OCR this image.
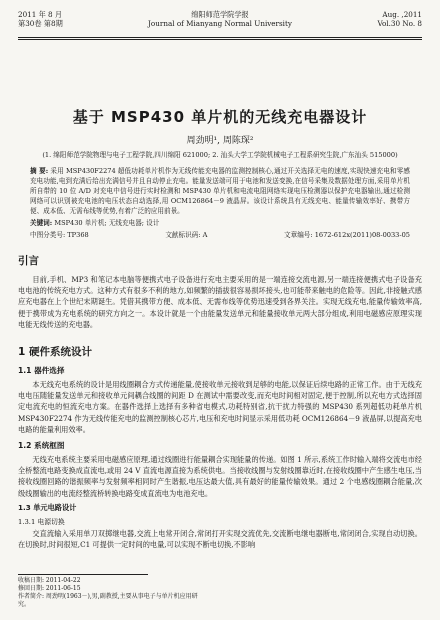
2011 年 8 月
第30卷 第8期
绵阳师范学院学报
Journal of Mianyang Normal University
Aug. ,2011
Vol.30 No. 8
基于 MSP430 单片机的无线充电器设计
周劲明¹, 周陈琛²
(1. 绵阳师范学院物理与电子工程学院,四川绵阳 621000; 2. 汕头大学工学院机械电子工程系研究生院,广东汕头 515000)
摘 要: 采用 MSP430F2274 超低功耗单片机作为无线传能充电器的监测控制核心,通过开关选择无电的速度,实现快速充电和零感充电功能,电到充满后给出充满信号并且自动停止充电。能量发送端可用于电池和发送变换,在信号采集及数据处理方面,采用单片机所自带的 10 位 A/D 对充电中信号进行实时检测和 MSP430 单片机和电流电阻网络实现电压检测器以保护充电器输出,通过检测网络可以识别被充电池的电压状态自动选择,用 OCM126864－9 液晶屏。该设计系统具有无线充电、能量传输效率好、携带方便、成本低、无需布线等优势,有着广泛的应用前景。
关键词: MSP430 单片机; 无线充电器; 设计
中图分类号: TP368	文献标识码: A	文章编号: 1672-612x(2011)08-0033-05
引言

目前,手机、MP3 和笔记本电脑等便携式电子设备进行充电主要采用的是一端连接交流电源,另一端连接便携式电子设备充电电池的传统充电方式。这种方式有很多不利的地方,如频繁的插拔很容易损坏接头,也可能带来触电的危险等。因此,非接触式感应充电器在上个世纪末期诞生。凭借其携带方便、成本低、无需布线等优势迅速受到各界关注。实现无线充电,能量传输效率高,便于携带成为充电系统的研究方向之一。本设计就是一个由能量发送单元和能量接收单元两大部分组成,利用电磁感应原理实现电能无线传送的充电器。

1 硬件系统设计
1.1 器件选择

本无线充电系统的设计是用线圈耦合方式传递能量,使接收单元接收到足够的电能,以保证后续电路的正常工作。由于无线充电电压随能量发送单元和接收单元间耦合线圈的间距 D 在测试中需要改变,而充电时间相对固定,便于控制,所以充电方式选择固定电流充电的恒流充电方案。在器件选择上选择有多种省电模式,功耗特别省,抗干扰力特强的 MSP430 系列超低功耗单片机 MSP430F2274 作为无线传能充电的监测控制核心芯片,电压和充电时间显示采用低功耗 OCM126864－9 液晶屏,以提高充电电路的能量利用效率。

1.2 系统框图

无线充电系统主要采用电磁感应原理,通过线圈进行能量耦合实现能量的传递。如图 1 所示,系统工作时输入端将交流电市经全桥整流电路变换成直流电,或用 24 V 直流电源直接为系统供电。当接收线圈与发射线圈靠近时,在接收线圈中产生感生电压,当接收线圈回路的谐振频率与发射频率相同时产生谐振,电压达最大值,具有最好的能量传输效果。通过 2 个电感线圈耦合能量,次级线圈输出的电流经整流桥转换电路变成直流电为电池充电。

1.3 单元电路设计
1.3.1 电源切换

交直流输入采用单刀双掷继电器,交流上电常开闭合,常闭打开实现交流优先,交流断电继电器断电,常闭闭合,实现自动切换。在切换时,时间很短,C1 可提供一定时间的电量,可以实现不断电切换,不影响

收稿日期: 2011-04-22
修回日期: 2011-06-15
作者简介: 周劲明(1963－),男,副教授,主要从事电子与单片机应用研究。
